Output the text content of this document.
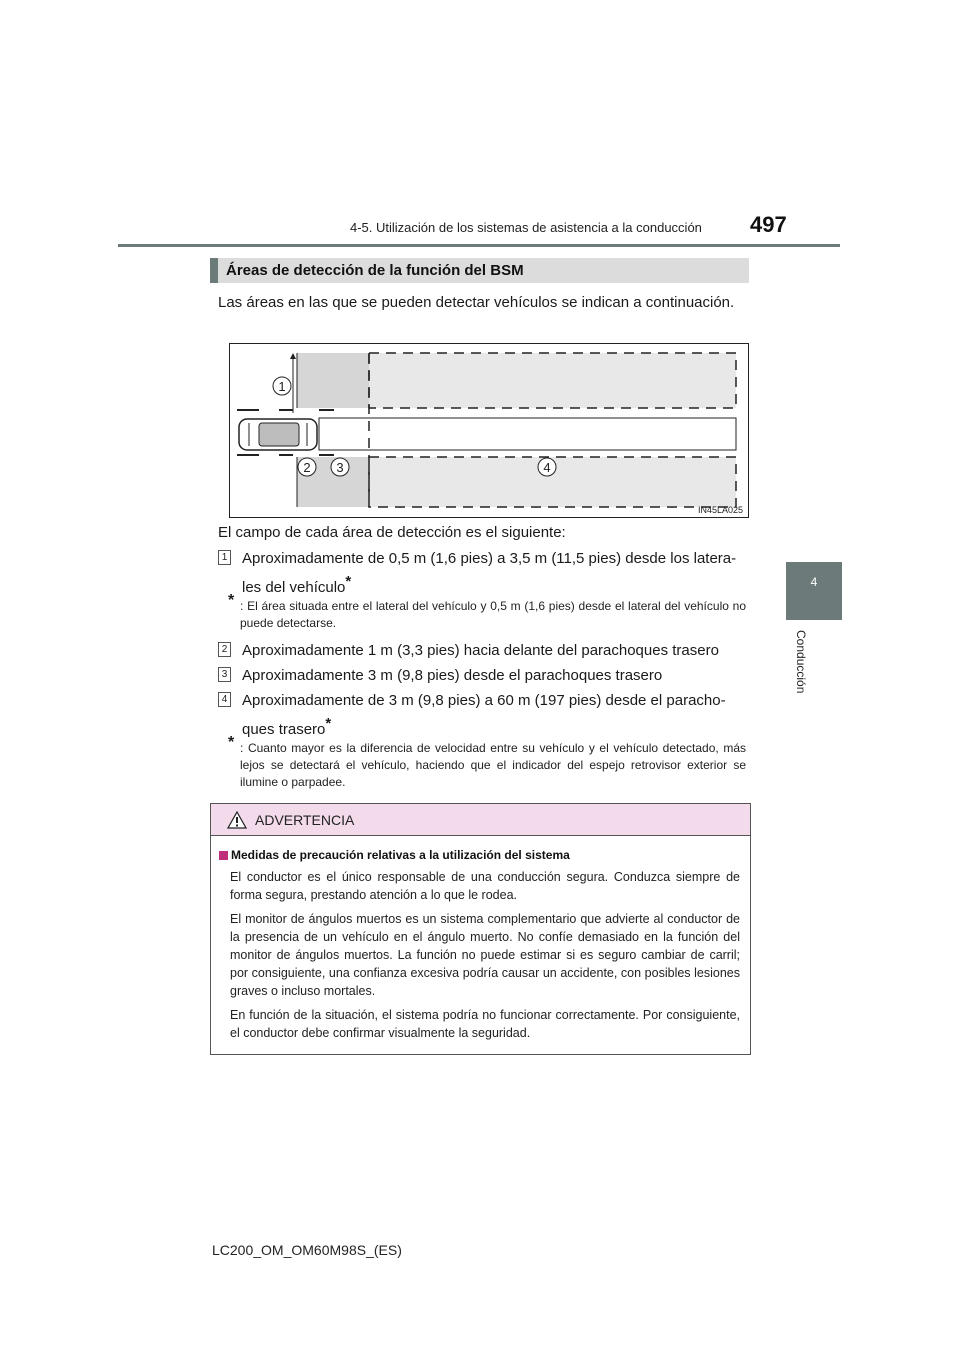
4-5. Utilización de los sistemas de asistencia a la conducción 497
4
Conducción
Áreas de detección de la función del BSM
Las áreas en las que se pueden detectar vehículos se indican a continuación.
1
2 3	4
IN45LA025
El campo de cada área de detección es el siguiente:
1 Aproximadamente de 0,5 m (1,6 pies) a 3,5 m (11,5 pies) desde los latera-
les del vehículo*
* : El área situada entre el lateral del vehículo y 0,5 m (1,6 pies) desde el lateral del vehículo no puede detectarse.
2 Aproximadamente 1 m (3,3 pies) hacia delante del parachoques trasero
3 Aproximadamente 3 m (9,8 pies) desde el parachoques trasero
4 Aproximadamente de 3 m (9,8 pies) a 60 m (197 pies) desde el paracho-
ques trasero*
* : Cuanto mayor es la diferencia de velocidad entre su vehículo y el vehículo detectado, más lejos se detectará el vehículo, haciendo que el indicador del espejo retrovisor exterior se ilumine o parpadee.
ADVERTENCIA
Medidas de precaución relativas a la utilización del sistema
El conductor es el único responsable de una conducción segura. Conduzca siempre de forma segura, prestando atención a lo que le rodea.
El monitor de ángulos muertos es un sistema complementario que advierte al conductor de la presencia de un vehículo en el ángulo muerto. No confíe demasiado en la función del monitor de ángulos muertos. La función no puede estimar si es seguro cambiar de carril; por consiguiente, una confianza excesiva podría causar un accidente, con posibles lesiones graves o incluso mortales.
En función de la situación, el sistema podría no funcionar correctamente. Por consiguiente, el conductor debe confirmar visualmente la seguridad.
LC200_OM_OM60M98S_(ES)
